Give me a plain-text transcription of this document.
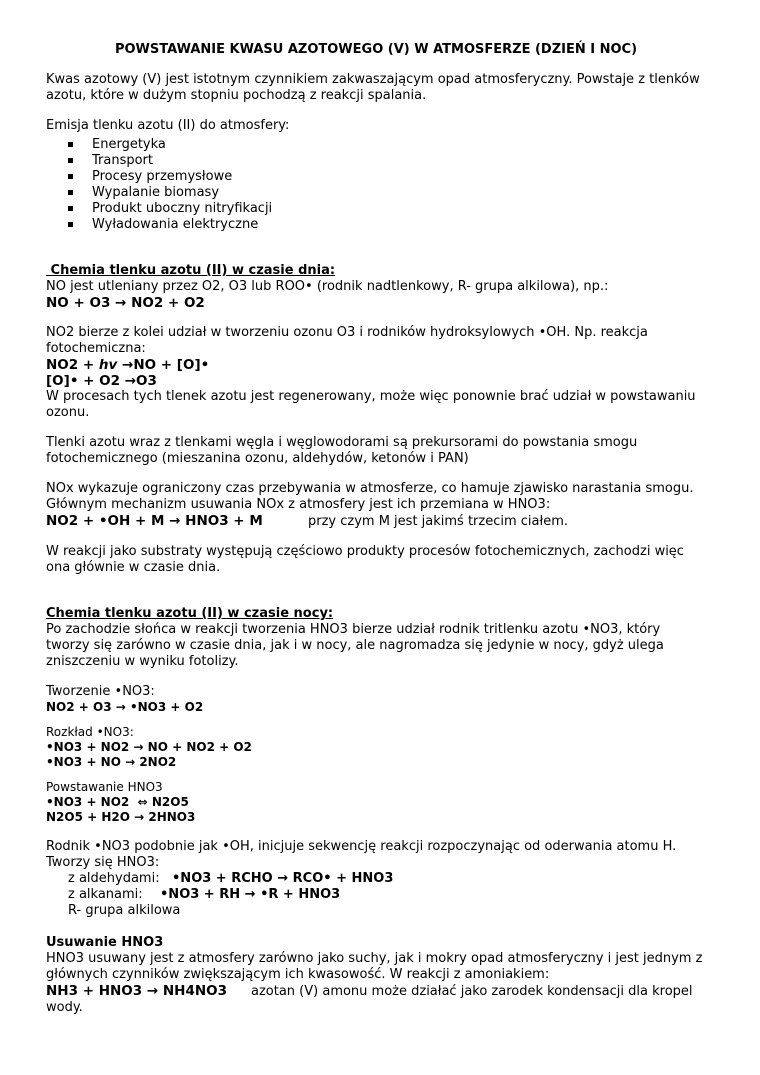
POWSTAWANIE KWASU AZOTOWEGO (V) W ATMOSFERZE (DZIEŃ I NOC)

Kwas azotowy (V) jest istotnym czynnikiem zakwaszającym opad atmosferyczny. Powstaje z tlenków azotu, które w dużym stopniu pochodzą z reakcji spalania.

Emisja tlenku azotu (II) do atmosfery:

Energetyka
Transport
Procesy przemysłowe
Wypalanie biomasy
Produkt uboczny nitryfikacji
Wyładowania elektryczne

Chemia tlenku azotu (II) w czasie dnia:

NO jest utleniany przez O2, O3 lub ROO• (rodnik nadtlenkowy, R- grupa alkilowa), np.:

NO + O3 → NO2 + O2

NO2 bierze z kolei udział w tworzeniu ozonu O3 i rodników hydroksylowych •OH. Np. reakcja fotochemiczna:

NO2 + hv →NO + [O]•

[O]• + O2 →O3

W procesach tych tlenek azotu jest regenerowany, może więc ponownie brać udział w powstawaniu ozonu.

Tlenki azotu wraz z tlenkami węgla i węglowodorami są prekursorami do powstania smogu fotochemicznego (mieszanina ozonu, aldehydów, ketonów i PAN)

NOx wykazuje ograniczony czas przebywania w atmosferze, co hamuje zjawisko narastania smogu. Głównym mechanizm usuwania NOx z atmosfery jest ich przemiana w HNO3:

NO2 + •OH + M → HNO3 + M	przy czym M jest jakimś trzecim ciałem.

W reakcji jako substraty występują częściowo produkty procesów fotochemicznych, zachodzi więc ona głównie w czasie dnia.

Chemia tlenku azotu (II) w czasie nocy:

Po zachodzie słońca w reakcji tworzenia HNO3 bierze udział rodnik tritlenku azotu •NO3, który tworzy się zarówno w czasie dnia, jak i w nocy, ale nagromadza się jedynie w nocy, gdyż ulega zniszczeniu w wyniku fotolizy.

Tworzenie •NO3:

NO2 + O3 → •NO3 + O2

Rozkład •NO3:

•NO3 + NO2 → NO + NO2 + O2

•NO3 + NO → 2NO2

Powstawanie HNO3

•NO3 + NO2  ⇔ N2O5

N2O5 + H2O → 2HNO3

Rodnik •NO3 podobnie jak •OH, inicjuje sekwencję reakcji rozpoczynając od oderwania atomu H.

Tworzy się HNO3:

z aldehydami: •NO3 + RCHO → RCO• + HNO3

z alkanami: •NO3 + RH → •R + HNO3

R- grupa alkilowa

Usuwanie HNO3

HNO3 usuwany jest z atmosfery zarówno jako suchy, jak i mokry opad atmosferyczny i jest jednym z głównych czynników zwiększającym ich kwasowość. W reakcji z amoniakiem:

NH3 + HNO3 → NH4NO3 azotan (V) amonu może działać jako zarodek kondensacji dla kropel wody.
